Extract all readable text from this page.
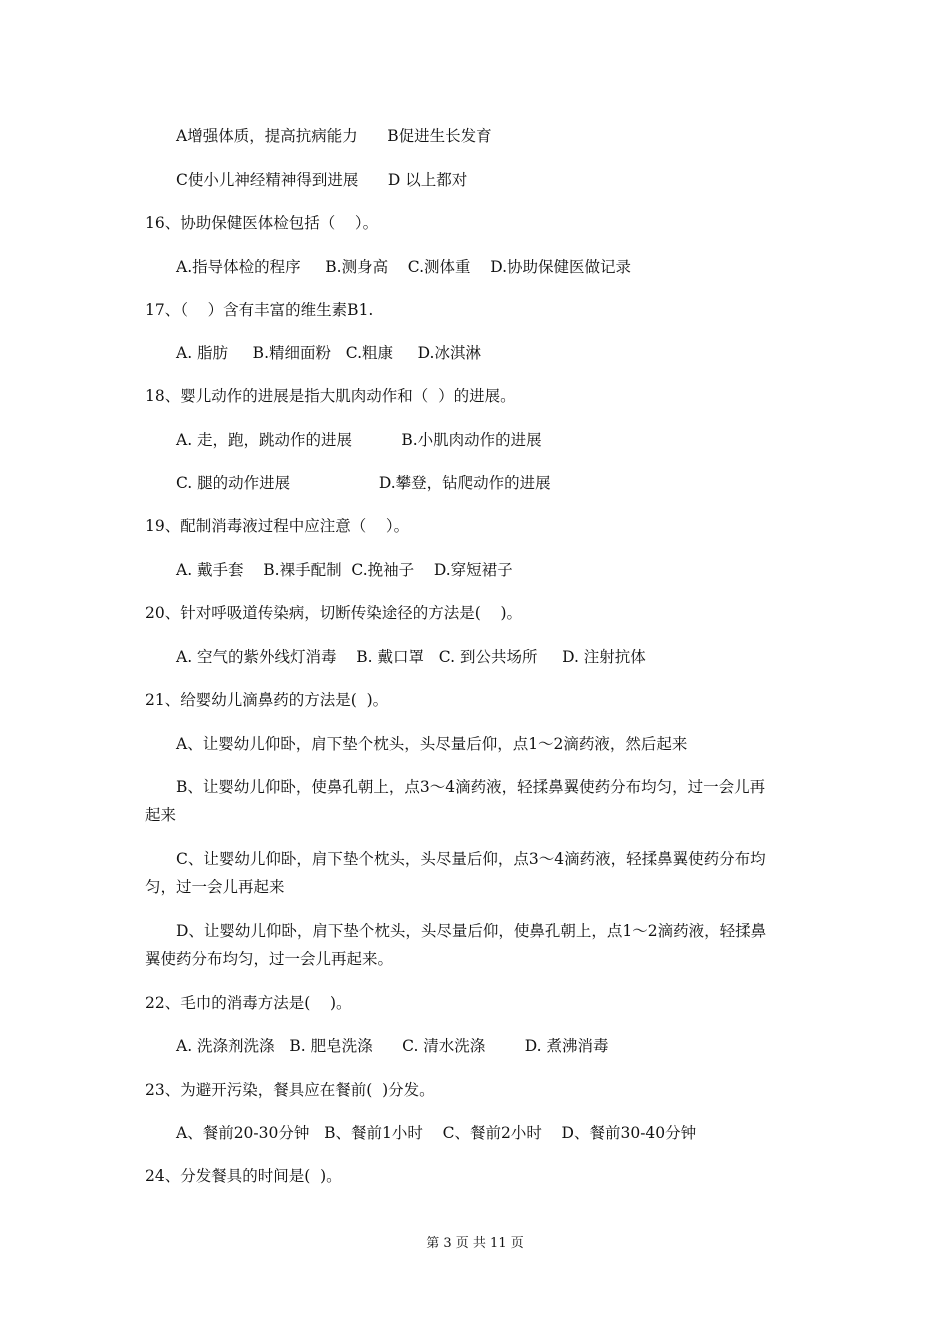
A增强体质，提高抗病能力      B促进生长发育
C使小儿神经精神得到进展      D 以上都对
16、协助保健医体检包括（    ）。
A.指导体检的程序     B.测身高    C.测体重    D.协助保健医做记录
17、（    ）含有丰富的维生素B1.
A. 脂肪     B.精细面粉   C.粗康     D.冰淇淋
18、婴儿动作的进展是指大肌肉动作和（  ）的进展。
A. 走，跑，跳动作的进展          B.小肌肉动作的进展
C. 腿的动作进展                  D.攀登，钻爬动作的进展
19、配制消毒液过程中应注意（    ）。
A. 戴手套    B.裸手配制  C.挽袖子    D.穿短裙子
20、针对呼吸道传染病，切断传染途径的方法是(    )。
A. 空气的紫外线灯消毒    B. 戴口罩   C. 到公共场所     D. 注射抗体
21、给婴幼儿滴鼻药的方法是(  )。
A、让婴幼儿仰卧，肩下垫个枕头，头尽量后仰，点1～2滴药液，然后起来
B、让婴幼儿仰卧，使鼻孔朝上，点3～4滴药液，轻揉鼻翼使药分布均匀，过一会儿再
起来
C、让婴幼儿仰卧，肩下垫个枕头，头尽量后仰，点3～4滴药液，轻揉鼻翼使药分布均
匀，过一会儿再起来
D、让婴幼儿仰卧，肩下垫个枕头，头尽量后仰，使鼻孔朝上，点1～2滴药液，轻揉鼻
翼使药分布均匀，过一会儿再起来。
22、毛巾的消毒方法是(    )。
A. 洗涤剂洗涤   B. 肥皂洗涤      C. 清水洗涤        D. 煮沸消毒
23、为避开污染，餐具应在餐前(  )分发。
A、餐前20-30分钟   B、餐前1小时    C、餐前2小时    D、餐前30-40分钟
24、分发餐具的时间是(  )。
第 3 页 共 11 页
